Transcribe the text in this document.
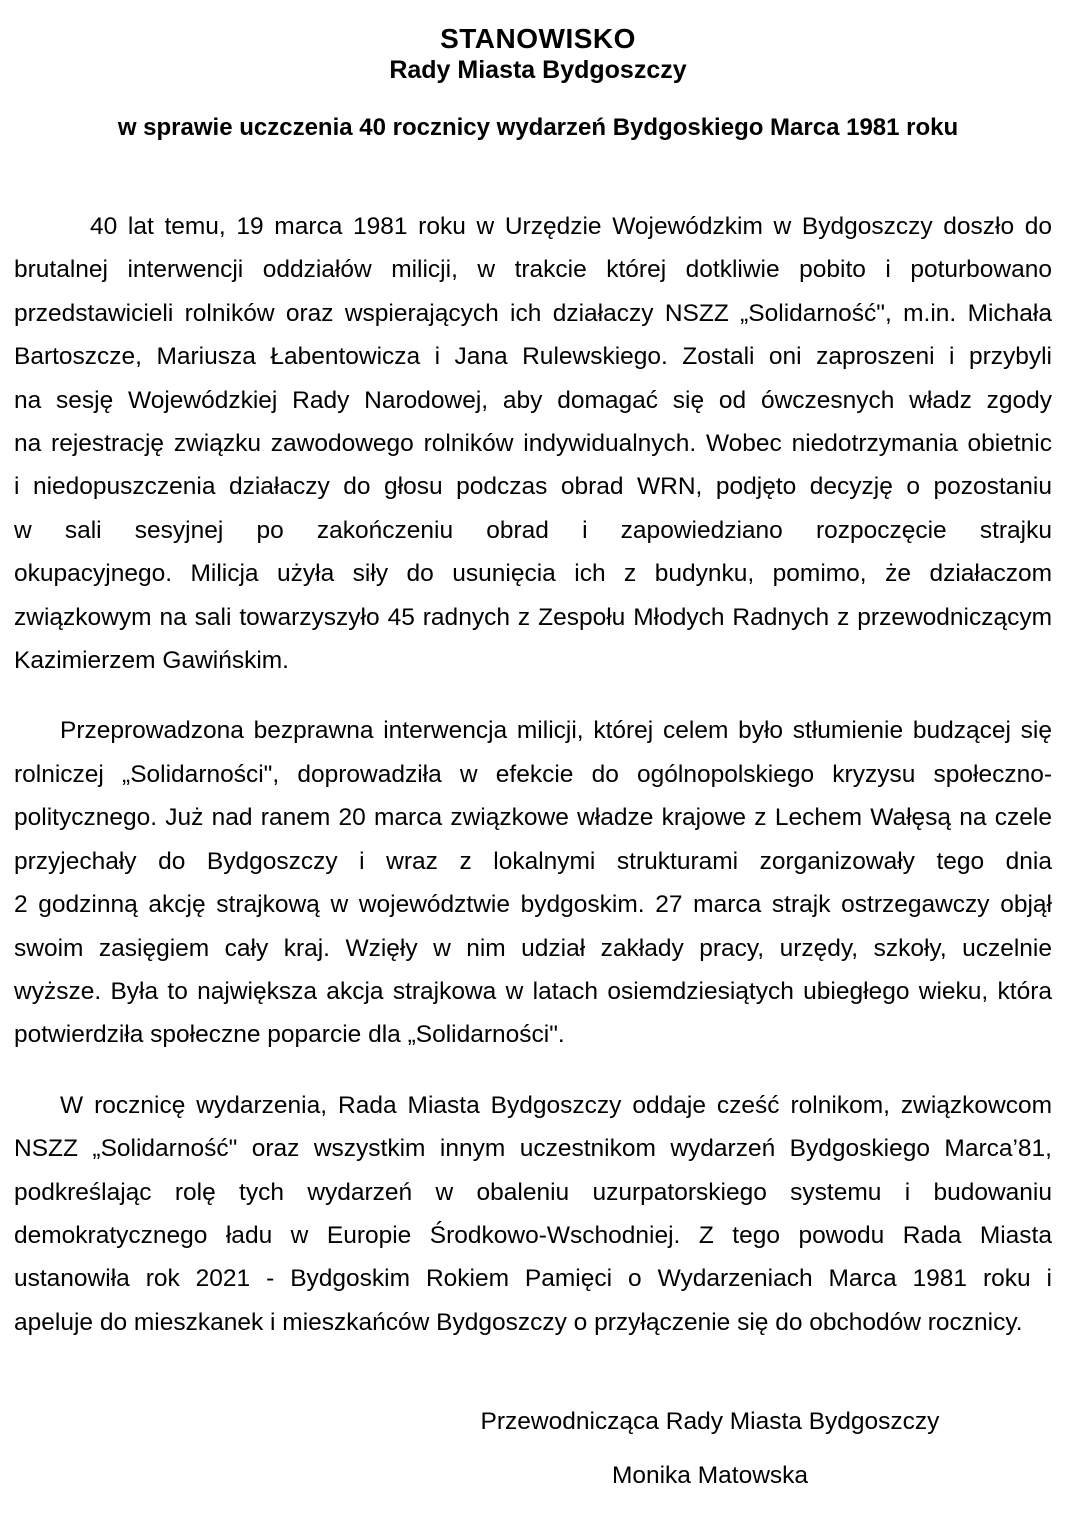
STANOWISKO
Rady Miasta Bydgoszczy
w sprawie uczczenia 40 rocznicy wydarzeń Bydgoskiego Marca 1981 roku
40 lat temu, 19 marca 1981 roku w Urzędzie Wojewódzkim w Bydgoszczy doszło do
brutalnej interwencji oddziałów milicji, w trakcie której dotkliwie pobito i poturbowano
przedstawicieli rolników oraz wspierających ich działaczy NSZZ „Solidarność", m.in. Michała
Bartoszcze, Mariusza Łabentowicza i Jana Rulewskiego. Zostali oni zaproszeni i przybyli
na sesję Wojewódzkiej Rady Narodowej, aby domagać się od ówczesnych władz zgody
na rejestrację związku zawodowego rolników indywidualnych. Wobec niedotrzymania obietnic
i niedopuszczenia działaczy do głosu podczas obrad WRN, podjęto decyzję o pozostaniu
w sali sesyjnej po zakończeniu obrad i zapowiedziano rozpoczęcie strajku
okupacyjnego. Milicja użyła siły do usunięcia ich z budynku, pomimo, że działaczom
związkowym na sali towarzyszyło 45 radnych z Zespołu Młodych Radnych z przewodniczącym
Kazimierzem Gawińskim.
Przeprowadzona bezprawna interwencja milicji, której celem było stłumienie budzącej się
rolniczej „Solidarności", doprowadziła w efekcie do ogólnopolskiego kryzysu społeczno-
politycznego. Już nad ranem 20 marca związkowe władze krajowe z Lechem Wałęsą na czele
przyjechały do Bydgoszczy i wraz z lokalnymi strukturami zorganizowały tego dnia
2 godzinną akcję strajkową w województwie bydgoskim. 27 marca strajk ostrzegawczy objął
swoim zasięgiem cały kraj. Wzięły w nim udział zakłady pracy, urzędy, szkoły, uczelnie
wyższe. Była to największa akcja strajkowa w latach osiemdziesiątych ubiegłego wieku, która
potwierdziła społeczne poparcie dla „Solidarności".
W rocznicę wydarzenia, Rada Miasta Bydgoszczy oddaje cześć rolnikom, związkowcom
NSZZ „Solidarność" oraz wszystkim innym uczestnikom wydarzeń Bydgoskiego Marca’81,
podkreślając rolę tych wydarzeń w obaleniu uzurpatorskiego systemu i budowaniu
demokratycznego ładu w Europie Środkowo-Wschodniej. Z tego powodu Rada Miasta
ustanowiła rok 2021 - Bydgoskim Rokiem Pamięci o Wydarzeniach Marca 1981 roku i
apeluje do mieszkanek i mieszkańców Bydgoszczy o przyłączenie się do obchodów rocznicy.
Przewodnicząca Rady Miasta Bydgoszczy
Monika Matowska
